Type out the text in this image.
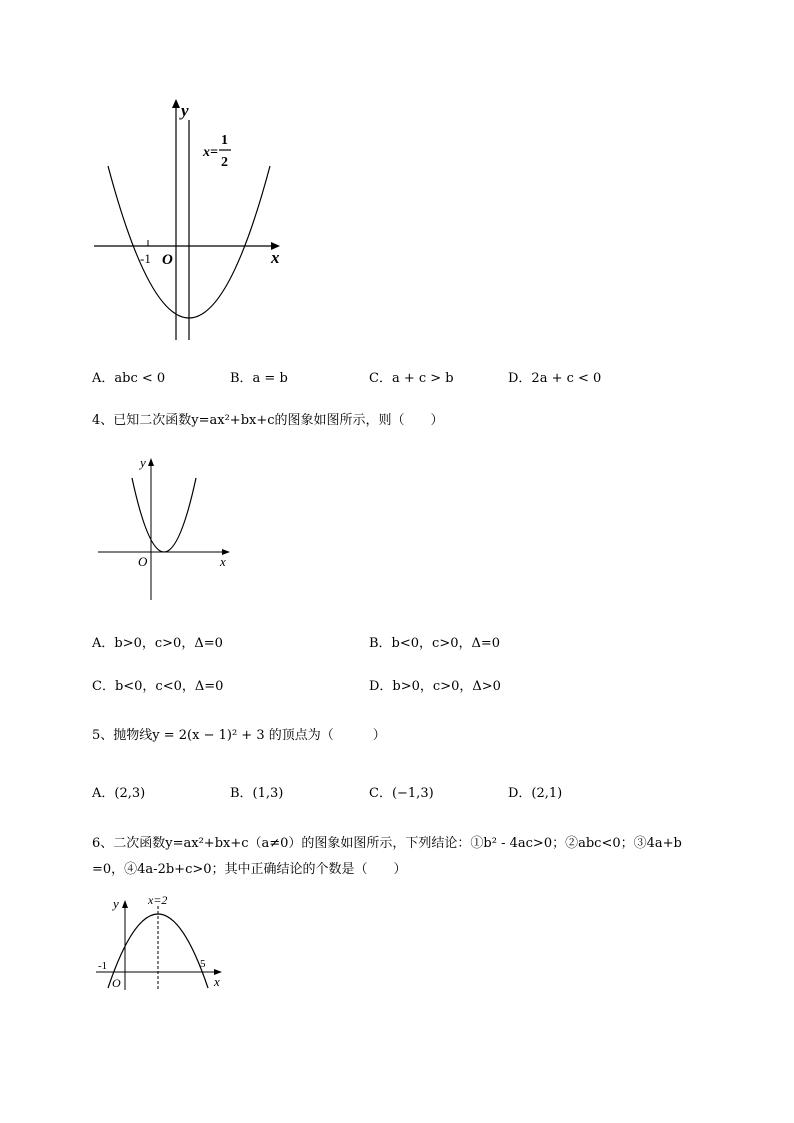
y
x
O
-1
x=
1
2
A．abc < 0	B．a = b	C．a + c > b	D．2a + c < 0
4、已知二次函数y=ax²+bx+c的图象如图所示，则（　　）
y
x
O
A．b>0，c>0，Δ=0	B．b<0，c>0，Δ=0
C．b<0，c<0，Δ=0	D．b>0，c>0，Δ>0
5、抛物线y = 2(x − 1)² + 3 的顶点为（　　　）
A．(2,3)	B．(1,3)	C．(−1,3)	D．(2,1)
6、二次函数y=ax²+bx+c（a≠0）的图象如图所示，下列结论：①b² - 4ac>0；②abc<0；③4a+b
=0，④4a-2b+c>0；其中正确结论的个数是（　　）
y
x
O
-1	5
x=2
